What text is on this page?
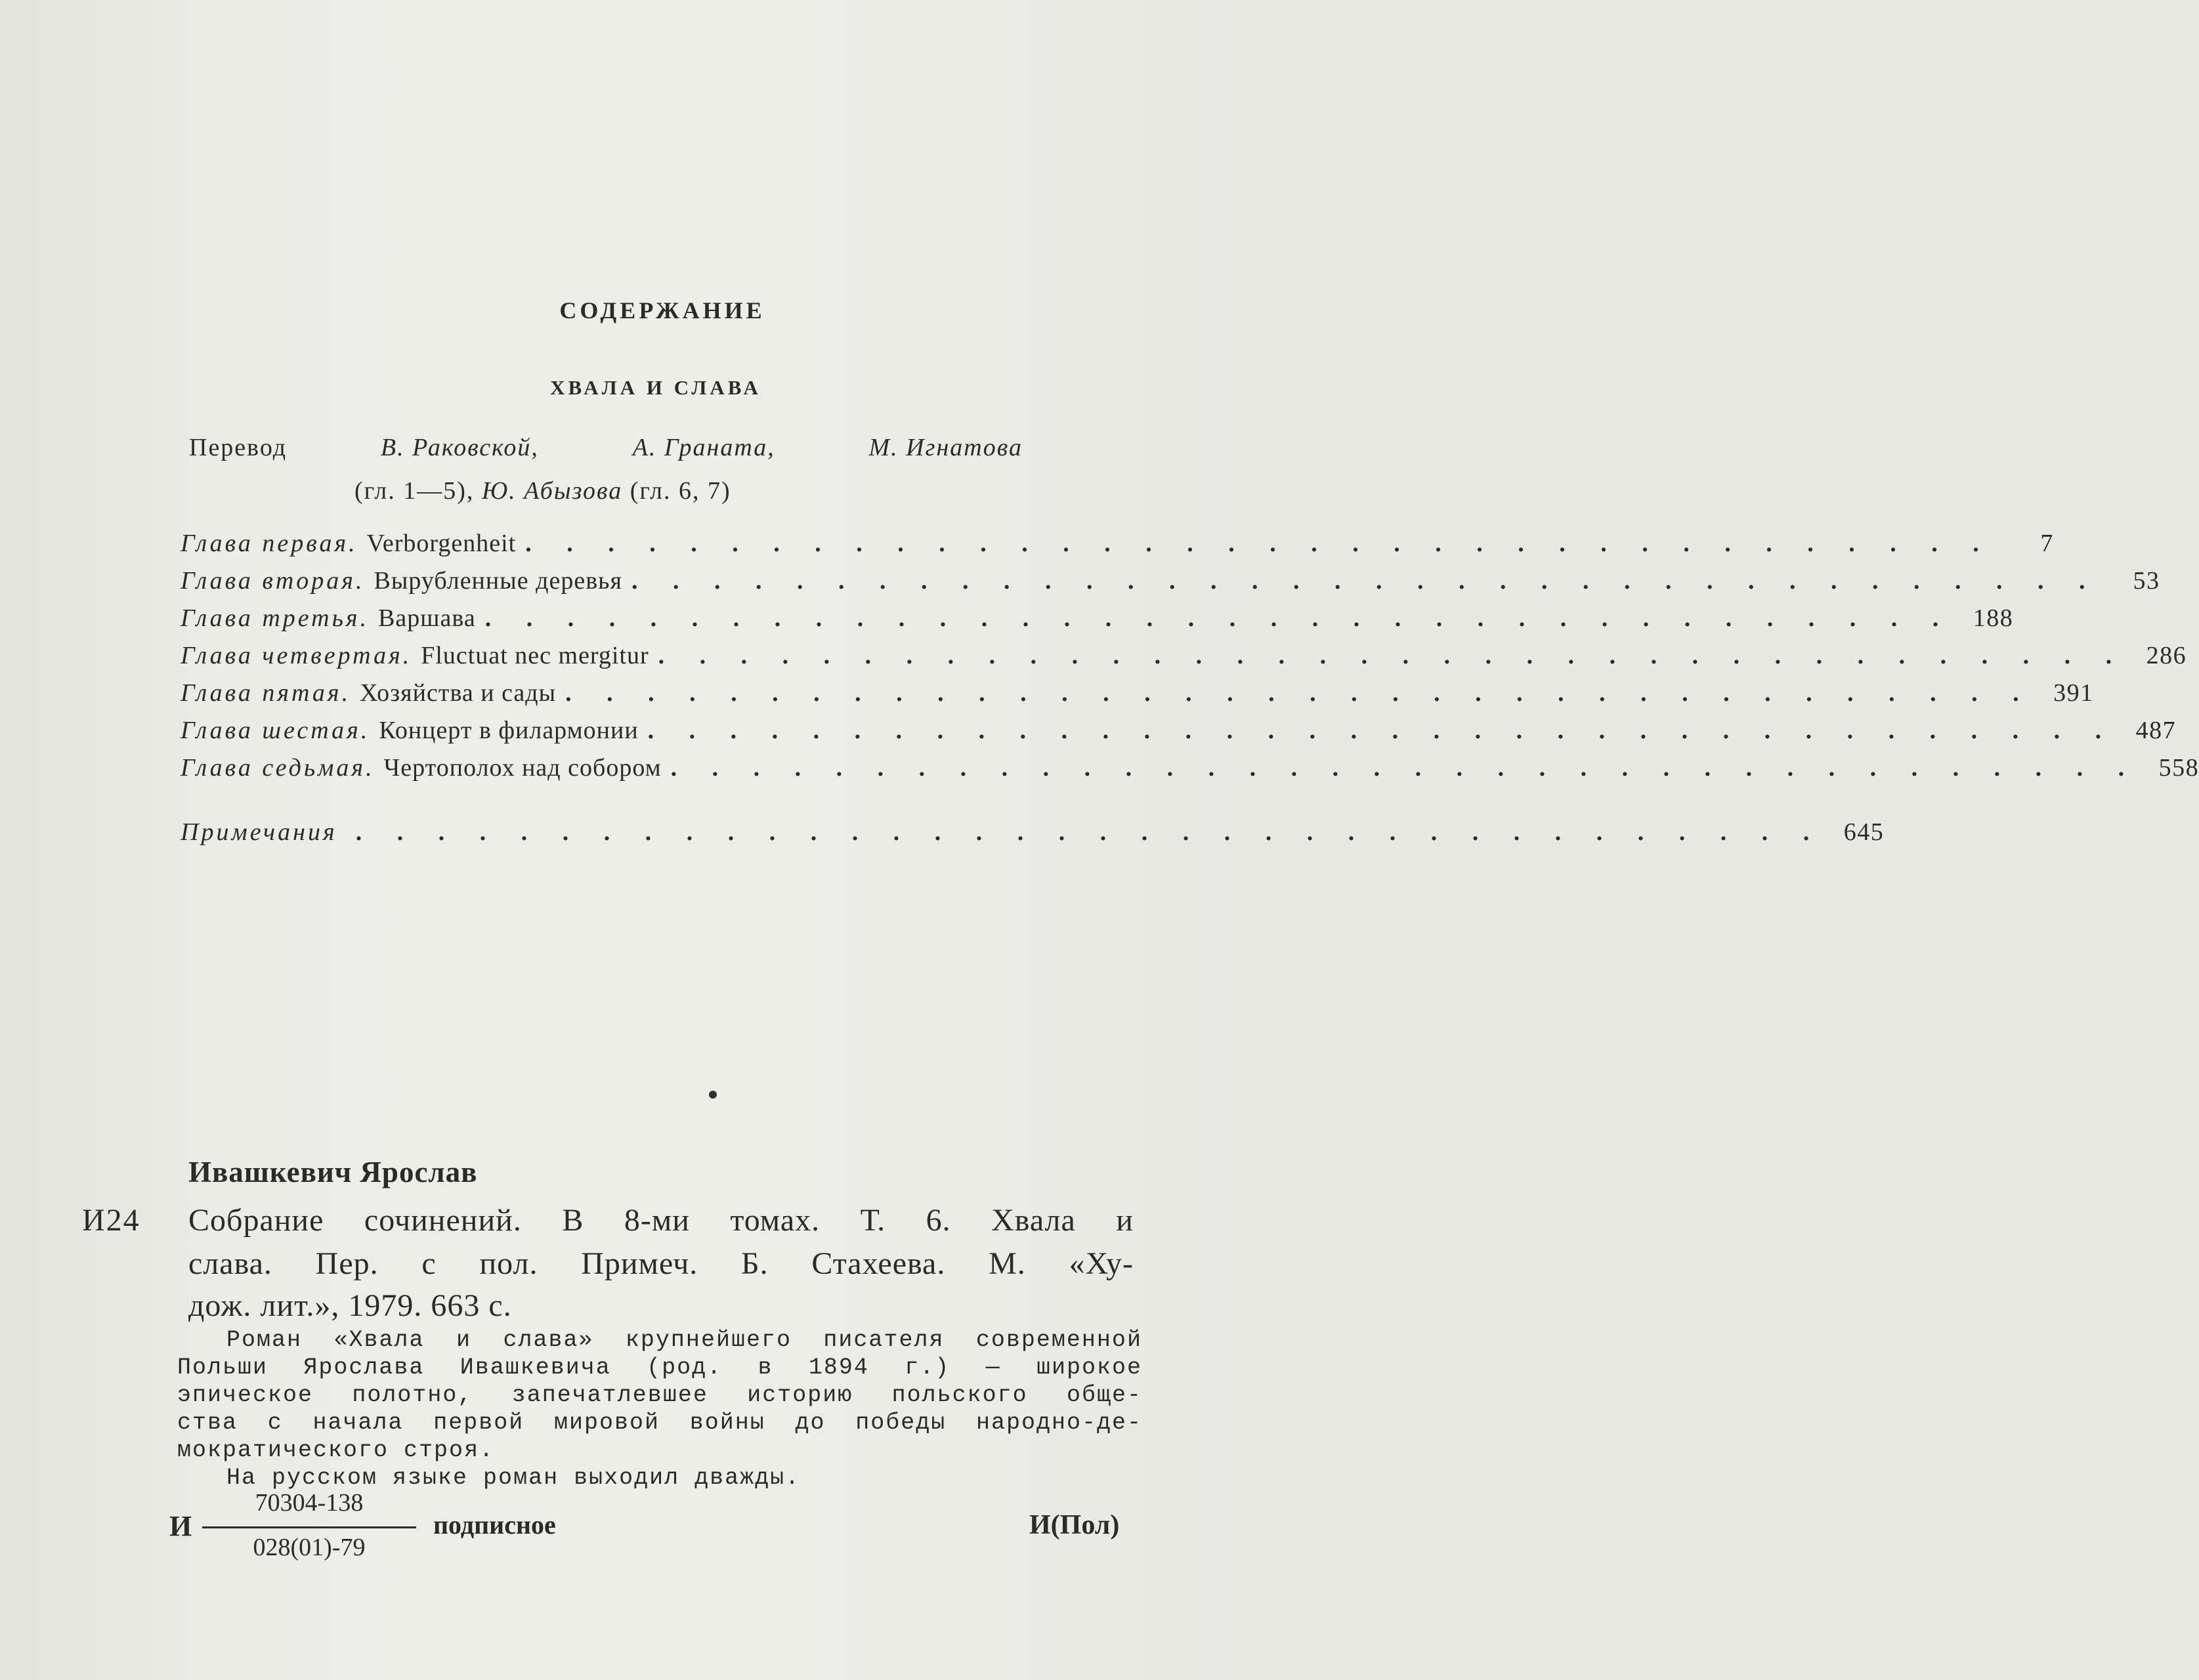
СОДЕРЖАНИЕ
ХВАЛА И СЛАВА
Перевод	В. Раковской,	А. Граната,	М. Игнатова
(гл. 1—5), Ю. Абызова (гл. 6, 7)
Глава первая. Verborgenheit . . . . . . . . . . . . . . . . . . . . . . . . . . . . . . . . . . . .	7
Глава вторая. Вырубленные деревья . . . . . . . . . . . . . . . . . . . . . . . . . . . . . . . . . . . .	53
Глава третья. Варшава . . . . . . . . . . . . . . . . . . . . . . . . . . . . . . . . . . . . 188
Глава четвертая. Fluctuat nec mergitur . . . . . . . . . . . . . . . . . . . . . . . . . . . . . . . . . . . . 286
Глава пятая. Хозяйства и сады . . . . . . . . . . . . . . . . . . . . . . . . . . . . . . . . . . . . 391
Глава шестая. Концерт в филармонии . . . . . . . . . . . . . . . . . . . . . . . . . . . . . . . . . . . . 487
Глава седьмая. Чертополох над собором . . . . . . . . . . . . . . . . . . . . . . . . . . . . . . . . . . . . 558
Примечания . . . . . . . . . . . . . . . . . . . . . . . . . . . . . . . . . . . . 645
Ивашкевич Ярослав
И24 Собрание сочинений. В 8-ми томах. Т. 6. Хвала и
слава. Пер. с пол. Примеч. Б. Стахеева. М. «Ху-
дож. лит.», 1979. 663 с.
Роман «Хвала и слава» крупнейшего писателя современной
Польши Ярослава Ивашкевича (род. в 1894 г.) — широкое
эпическое полотно, запечатлевшее историю польского обще-
ства с начала первой мировой войны до победы народно-де-
мократического строя.
На русском языке роман выходил дважды.
И
70304-138
028(01)-79
подписное	И(Пол)
